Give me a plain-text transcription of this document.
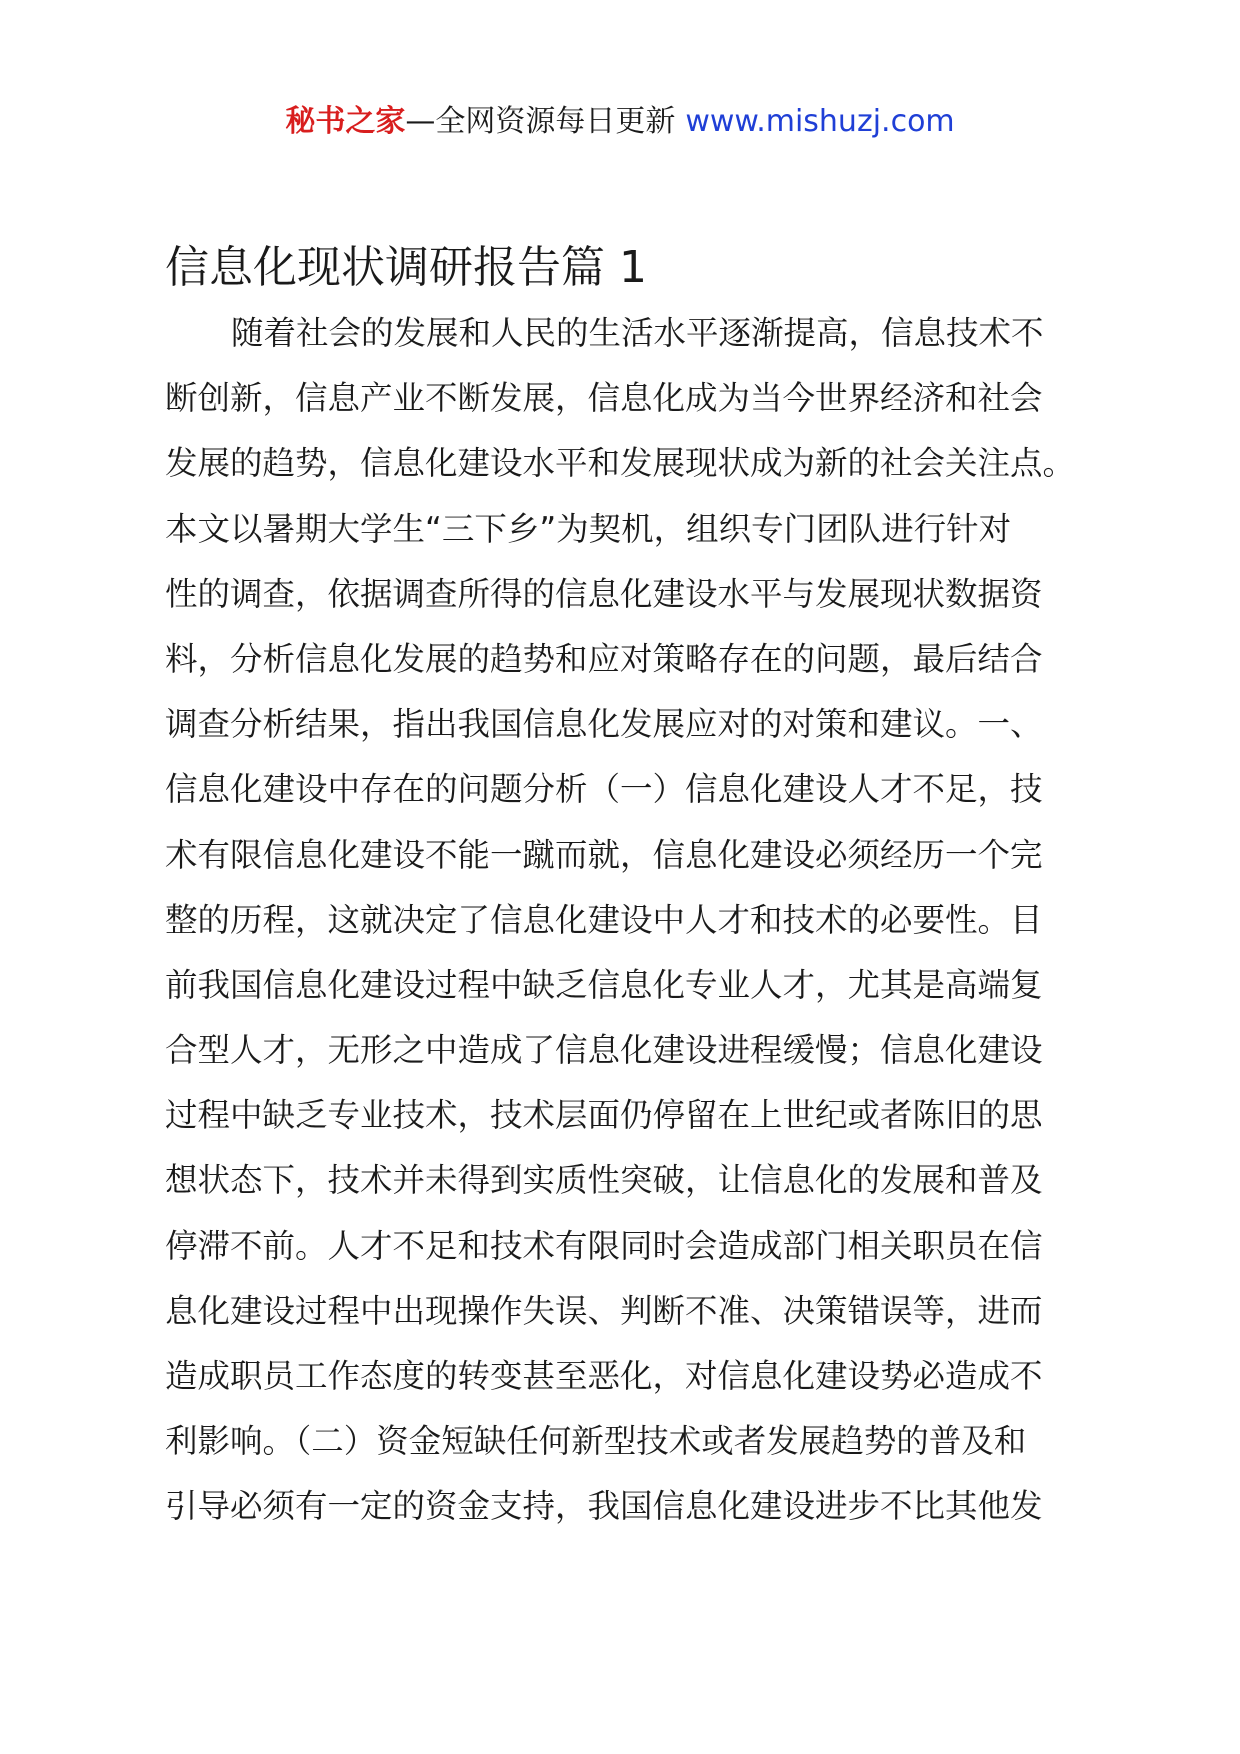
秘书之家—全网资源每日更新 www.mishuzj.com
信息化现状调研报告篇 1
随着社会的发展和人民的生活水平逐渐提高，信息技术不
断创新，信息产业不断发展，信息化成为当今世界经济和社会
发展的趋势，信息化建设水平和发展现状成为新的社会关注点。
本文以暑期大学生“三下乡”为契机，组织专门团队进行针对
性的调查，依据调查所得的信息化建设水平与发展现状数据资
料，分析信息化发展的趋势和应对策略存在的问题，最后结合
调查分析结果，指出我国信息化发展应对的对策和建议。一、
信息化建设中存在的问题分析（一）信息化建设人才不足，技
术有限信息化建设不能一蹴而就，信息化建设必须经历一个完
整的历程，这就决定了信息化建设中人才和技术的必要性。目
前我国信息化建设过程中缺乏信息化专业人才，尤其是高端复
合型人才，无形之中造成了信息化建设进程缓慢；信息化建设
过程中缺乏专业技术，技术层面仍停留在上世纪或者陈旧的思
想状态下，技术并未得到实质性突破，让信息化的发展和普及
停滞不前。人才不足和技术有限同时会造成部门相关职员在信
息化建设过程中出现操作失误、判断不准、决策错误等，进而
造成职员工作态度的转变甚至恶化，对信息化建设势必造成不
利影响。（二）资金短缺任何新型技术或者发展趋势的普及和
引导必须有一定的资金支持，我国信息化建设进步不比其他发
